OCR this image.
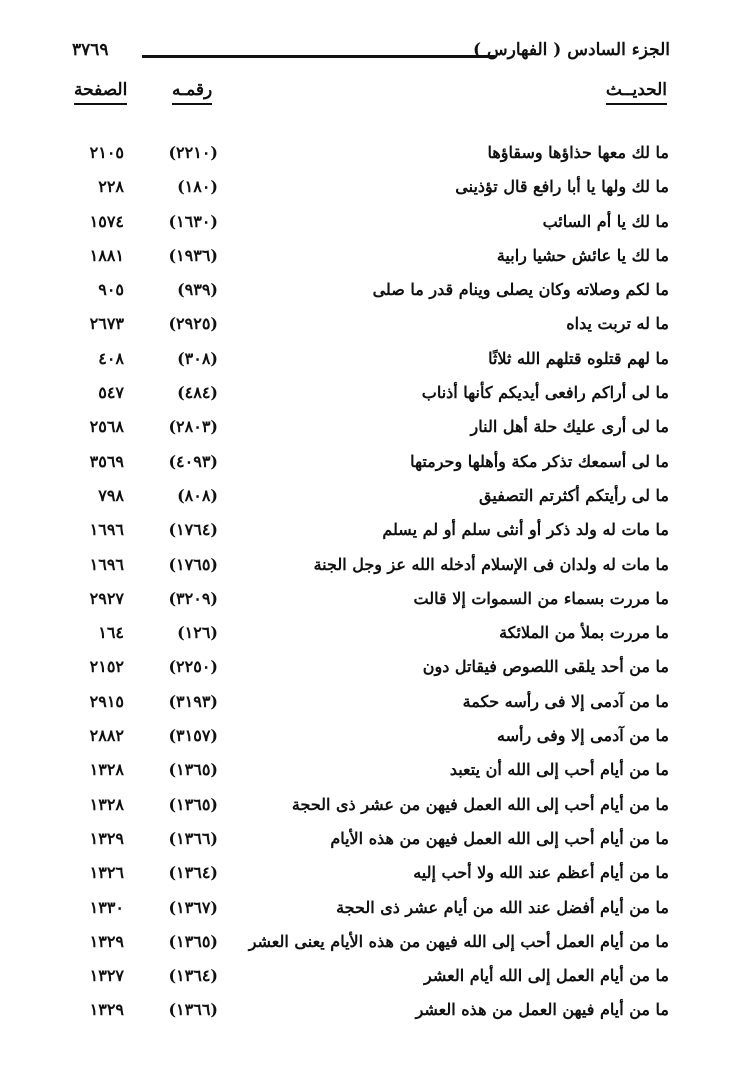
الجزء السادس ( الفهارس )
٣٧٦٩
الحديــث
رقمـه
الصفحة
ما لك معها حذاؤها وسقاؤها
(٢٢١٠)
٢١٠٥
ما لك ولها يا أبا رافع قال تؤذينى
(١٨٠)
٢٢٨
ما لك يا أم السائب
(١٦٣٠)
١٥٧٤
ما لك يا عائش حشيا رابية
(١٩٣٦)
١٨٨١
ما لكم وصلاته وكان يصلى وينام قدر ما صلى
(٩٣٩)
٩٠٥
ما له تربت يداه
(٢٩٢٥)
٢٦٧٣
ما لهم قتلوه قتلهم الله ثلاثًا
(٣٠٨)
٤٠٨
ما لى أراكم رافعى أيديكم كأنها أذناب
(٤٨٤)
٥٤٧
ما لى أرى عليك حلة أهل النار
(٢٨٠٣)
٢٥٦٨
ما لى أسمعك تذكر مكة وأهلها وحرمتها
(٤٠٩٣)
٣٥٦٩
ما لى رأيتكم أكثرتم التصفيق
(٨٠٨)
٧٩٨
ما مات له ولد ذكر أو أنثى سلم أو لم يسلم
(١٧٦٤)
١٦٩٦
ما مات له ولدان فى الإسلام أدخله الله عز وجل الجنة
(١٧٦٥)
١٦٩٦
ما مررت بسماء من السموات إلا قالت
(٣٢٠٩)
٢٩٢٧
ما مررت بملأ من الملائكة
(١٢٦)
١٦٤
ما من أحد يلقى اللصوص فيقاتل دون
(٢٢٥٠)
٢١٥٢
ما من آدمى إلا فى رأسه حكمة
(٣١٩٣)
٢٩١٥
ما من آدمى إلا وفى رأسه
(٣١٥٧)
٢٨٨٢
ما من أيام أحب إلى الله أن يتعبد
(١٣٦٥)
١٣٢٨
ما من أيام أحب إلى الله العمل فيهن من عشر ذى الحجة
(١٣٦٥)
١٣٢٨
ما من أيام أحب إلى الله العمل فيهن من هذه الأيام
(١٣٦٦)
١٣٢٩
ما من أيام أعظم عند الله ولا أحب إليه
(١٣٦٤)
١٣٢٦
ما من أيام أفضل عند الله من أيام عشر ذى الحجة
(١٣٦٧)
١٣٣٠
ما من أيام العمل أحب إلى الله فيهن من هذه الأيام يعنى العشر
(١٣٦٥)
١٣٢٩
ما من أيام العمل إلى الله أيام العشر
(١٣٦٤)
١٣٢٧
ما من أيام فيهن العمل من هذه العشر
(١٣٦٦)
١٣٢٩
